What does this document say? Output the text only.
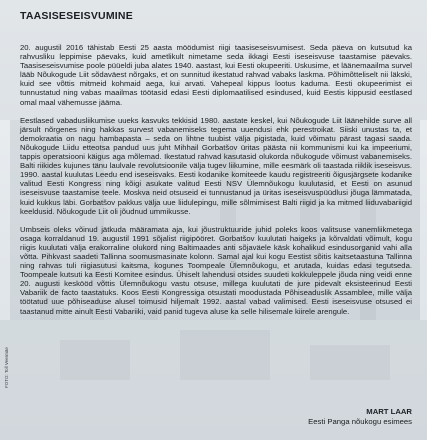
TAASISESEISVUMINE

20. augustil 2016 tähistab Eesti 25 aasta möödumist riigi taasiseseisvumisest. Seda päeva on kutsutud ka rahvusliku leppimise päevaks, kuid ametlikult nimetame seda ikkagi Eesti iseseisvuse taastamise päevaks. Taasiseseisvumise poole püüeldi juba alates 1940. aastast, kui Eesti okupeeriti. Uskusime, et läänemaailma survel lääb Nõukogude Liit sõdaväest nõrgaks, et on sunnitud ikestatud rahvad vabaks laskma. Põhimõtteliselt nii läkski, kuid see võttis mitmeid kohmaid aega, kui arvati. Vahepeal kippus lootus kaduma. Eesti okupeerimist ei tunnustatud ning vabas maailmas töötasid edasi Eesti diplomaatilised esindused, kuid Eestis kippusid eestlased omal maal vähemusse jääma.

Eestlased vabadusliikumise uueks kasvuks tekkisid 1980. aastate keskel, kui Nõukogude Liit läänehilde surve all järsult nõrgenes ning hakkas survest vabanemiseks tegema uuendusi ehk perestroikat. Siiski unustas ta, et demokraatia on nagu hambapasta – seda on lihtne tuubist välja pigistada, kuid võimatu pärast tagasi saada. Nõukogude Liidu etteotsa pandud uus juht Mihhail Gorbatšov üritas päästa nii kommunismi kui ka impeeriumi, tappis operatsiooni käigus aga mõlemad. Ikestatud rahvad kasutasid olukorda nõukogude võimust vabanemiseks. Balti riikides kujunes tänu laulvale revolutsioonile välja tugev liikumine, mille eesmärk oli taastada riiklik iseseisvus. 1990. aastal kuulutas Leedu end iseseisvaks. Eesti kodanike komiteede kaudu registreeriti õigusjärgsete kodanike valitud Eesti Kongress ning kõigi asukate valitud Eesti NSV Ülemnõukogu kuulutasid, et Eesti on asunud iseseisvuse taastamise teele. Moskva neid otsuseid ei tunnustanud ja üritas iseseisvuspüüdlusi jõuga lämmatada, kuid kukkus läbi. Gorbatšov pakkus välja uue liidulepingu, mille sõlmimisest Balti riigid ja ka mitmed liiduvabariigid keeldusid. Nõukogude Liit oli jõudnud ummikusse.

Umbseis oleks võinud jätkuda määramata aja, kui jõustruktuuride juhid poleks koos valitsuse vanemliikmetega osaga korraldanud 19. augustil 1991 sõjalist riigipööret. Gorbatšov kuulutati haigeks ja kõrvaldati võimult, kogu riigis kuulutati välja erakorraline olukord ning Baltimaades anti sõjaväele käsk kohalikud esindusorganid vahi alla võtta. Pihkvast saadeti Tallinna soomusmasinate kolonn. Samal ajal kui kogu Eestist sõitis kaitsetaastuna Tallinna ning rahvas tuli riigiasutusi kaitsma, kogunes Toompeale Ülemnõukogu, et arutada, kuidas edasi tegutseda. Toompeale kutsuti ka Eesti Komitee esindus. Ühiselt lahendusi otsides suudeti kokkuleppele jõuda ning veidi enne 20. augusti keskööd võttis Ülemnõukogu vastu otsuse, millega kuulutati de jure pidevalt eksisteerinud Eesti Vabariik de facto taastatuks. Koos Eesti Kongressiga otsustati moodustada Põhiseaduslik Assamblee, mille välja töötatud uue põhiseaduse alusel toimusid hiljemalt 1992. aastal vabad valimised. Eesti iseseisvuse otsused ei taastanud mitte ainult Eesti Vabariiki, vaid panid tugeva aluse ka selle hilisemale kiirele arengule.

MART LAAR
Eesti Panga nõukogu esimees
FOTO: Toll Veermäe
